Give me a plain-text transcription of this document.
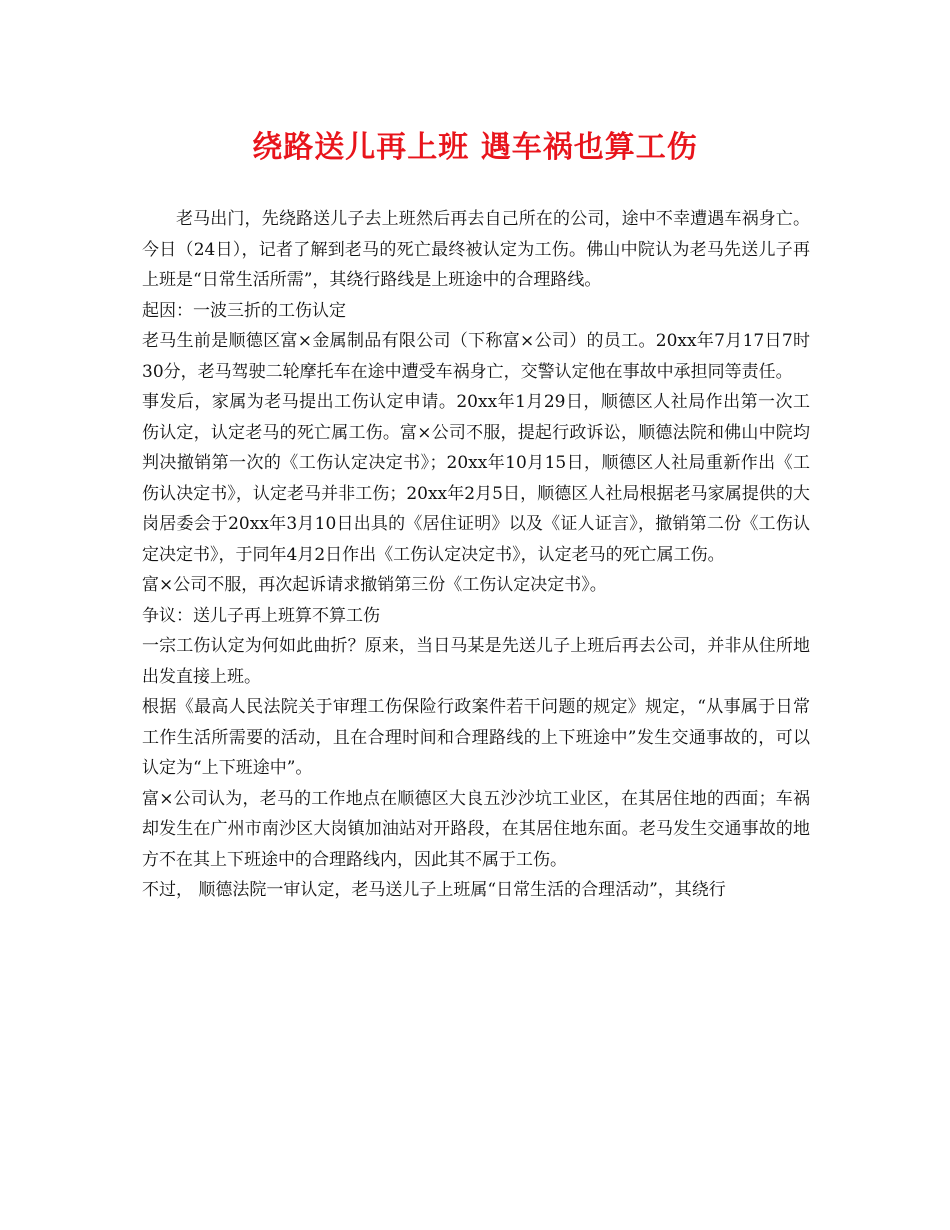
绕路送儿再上班 遇车祸也算工伤

老马出门，先绕路送儿子去上班然后再去自己所在的公司，途中不幸遭遇车祸身亡。今日（24日），记者了解到老马的死亡最终被认定为工伤。佛山中院认为老马先送儿子再上班是“日常生活所需”，其绕行路线是上班途中的合理路线。

起因：一波三折的工伤认定

老马生前是顺德区富×金属制品有限公司（下称富×公司）的员工。20xx年7月17日7时30分，老马驾驶二轮摩托车在途中遭受车祸身亡，交警认定他在事故中承担同等责任。

事发后，家属为老马提出工伤认定申请。20xx年1月29日，顺德区人社局作出第一次工伤认定，认定老马的死亡属工伤。富×公司不服，提起行政诉讼，顺德法院和佛山中院均判决撤销第一次的《工伤认定决定书》；20xx年10月15日，顺德区人社局重新作出《工伤认决定书》，认定老马并非工伤；20xx年2月5日，顺德区人社局根据老马家属提供的大岗居委会于20xx年3月10日出具的《居住证明》以及《证人证言》，撤销第二份《工伤认定决定书》，于同年4月2日作出《工伤认定决定书》，认定老马的死亡属工伤。

富×公司不服，再次起诉请求撤销第三份《工伤认定决定书》。

争议：送儿子再上班算不算工伤

一宗工伤认定为何如此曲折？原来，当日马某是先送儿子上班后再去公司，并非从住所地出发直接上班。

根据《最高人民法院关于审理工伤保险行政案件若干问题的规定》规定，“从事属于日常工作生活所需要的活动，且在合理时间和合理路线的上下班途中”发生交通事故的，可以认定为“上下班途中”。

富×公司认为，老马的工作地点在顺德区大良五沙沙坑工业区，在其居住地的西面；车祸却发生在广州市南沙区大岗镇加油站对开路段，在其居住地东面。老马发生交通事故的地方不在其上下班途中的合理路线内，因此其不属于工伤。

不过， 顺德法院一审认定，老马送儿子上班属“日常生活的合理活动”，其绕行
